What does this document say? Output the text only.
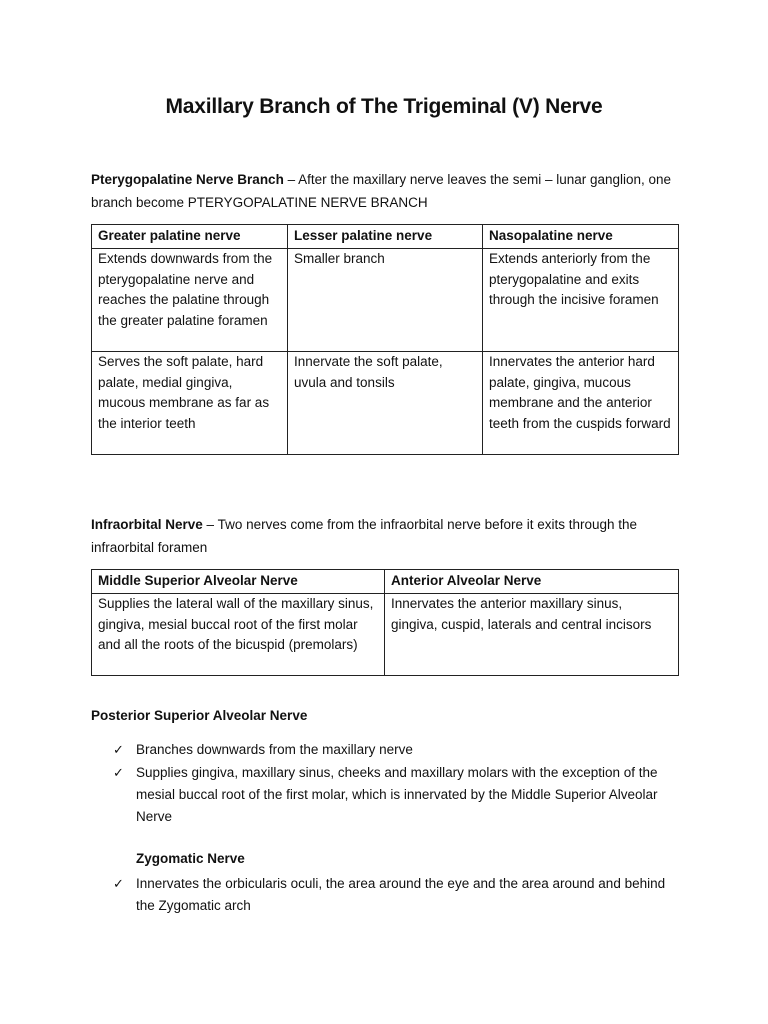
Maxillary Branch of The Trigeminal (V) Nerve
Pterygopalatine Nerve Branch – After the maxillary nerve leaves the semi – lunar ganglion, one branch become PTERYGOPALATINE NERVE BRANCH
Greater palatine nerve	Lesser palatine nerve	Nasopalatine nerve
Extends downwards from the pterygopalatine nerve and reaches the palatine through the greater palatine foramen	Smaller branch	Extends anteriorly from the pterygopalatine and exits through the incisive foramen
Serves the soft palate, hard palate, medial gingiva, mucous membrane as far as the interior teeth	Innervate the soft palate, uvula and tonsils	Innervates the anterior hard palate, gingiva, mucous membrane and the anterior teeth from the cuspids forward
Infraorbital Nerve – Two nerves come from the infraorbital nerve before it exits through the infraorbital foramen
Middle Superior Alveolar Nerve	Anterior Alveolar Nerve
Supplies the lateral wall of the maxillary sinus, gingiva, mesial buccal root of the first molar and all the roots of the bicuspid (premolars)	Innervates the anterior maxillary sinus, gingiva, cuspid, laterals and central incisors
Posterior Superior Alveolar Nerve
✓ Branches downwards from the maxillary nerve
✓ Supplies gingiva, maxillary sinus, cheeks and maxillary molars with the exception of the mesial buccal root of the first molar, which is innervated by the Middle Superior Alveolar Nerve
Zygomatic Nerve
✓ Innervates the orbicularis oculi, the area around the eye and the area around and behind the Zygomatic arch
